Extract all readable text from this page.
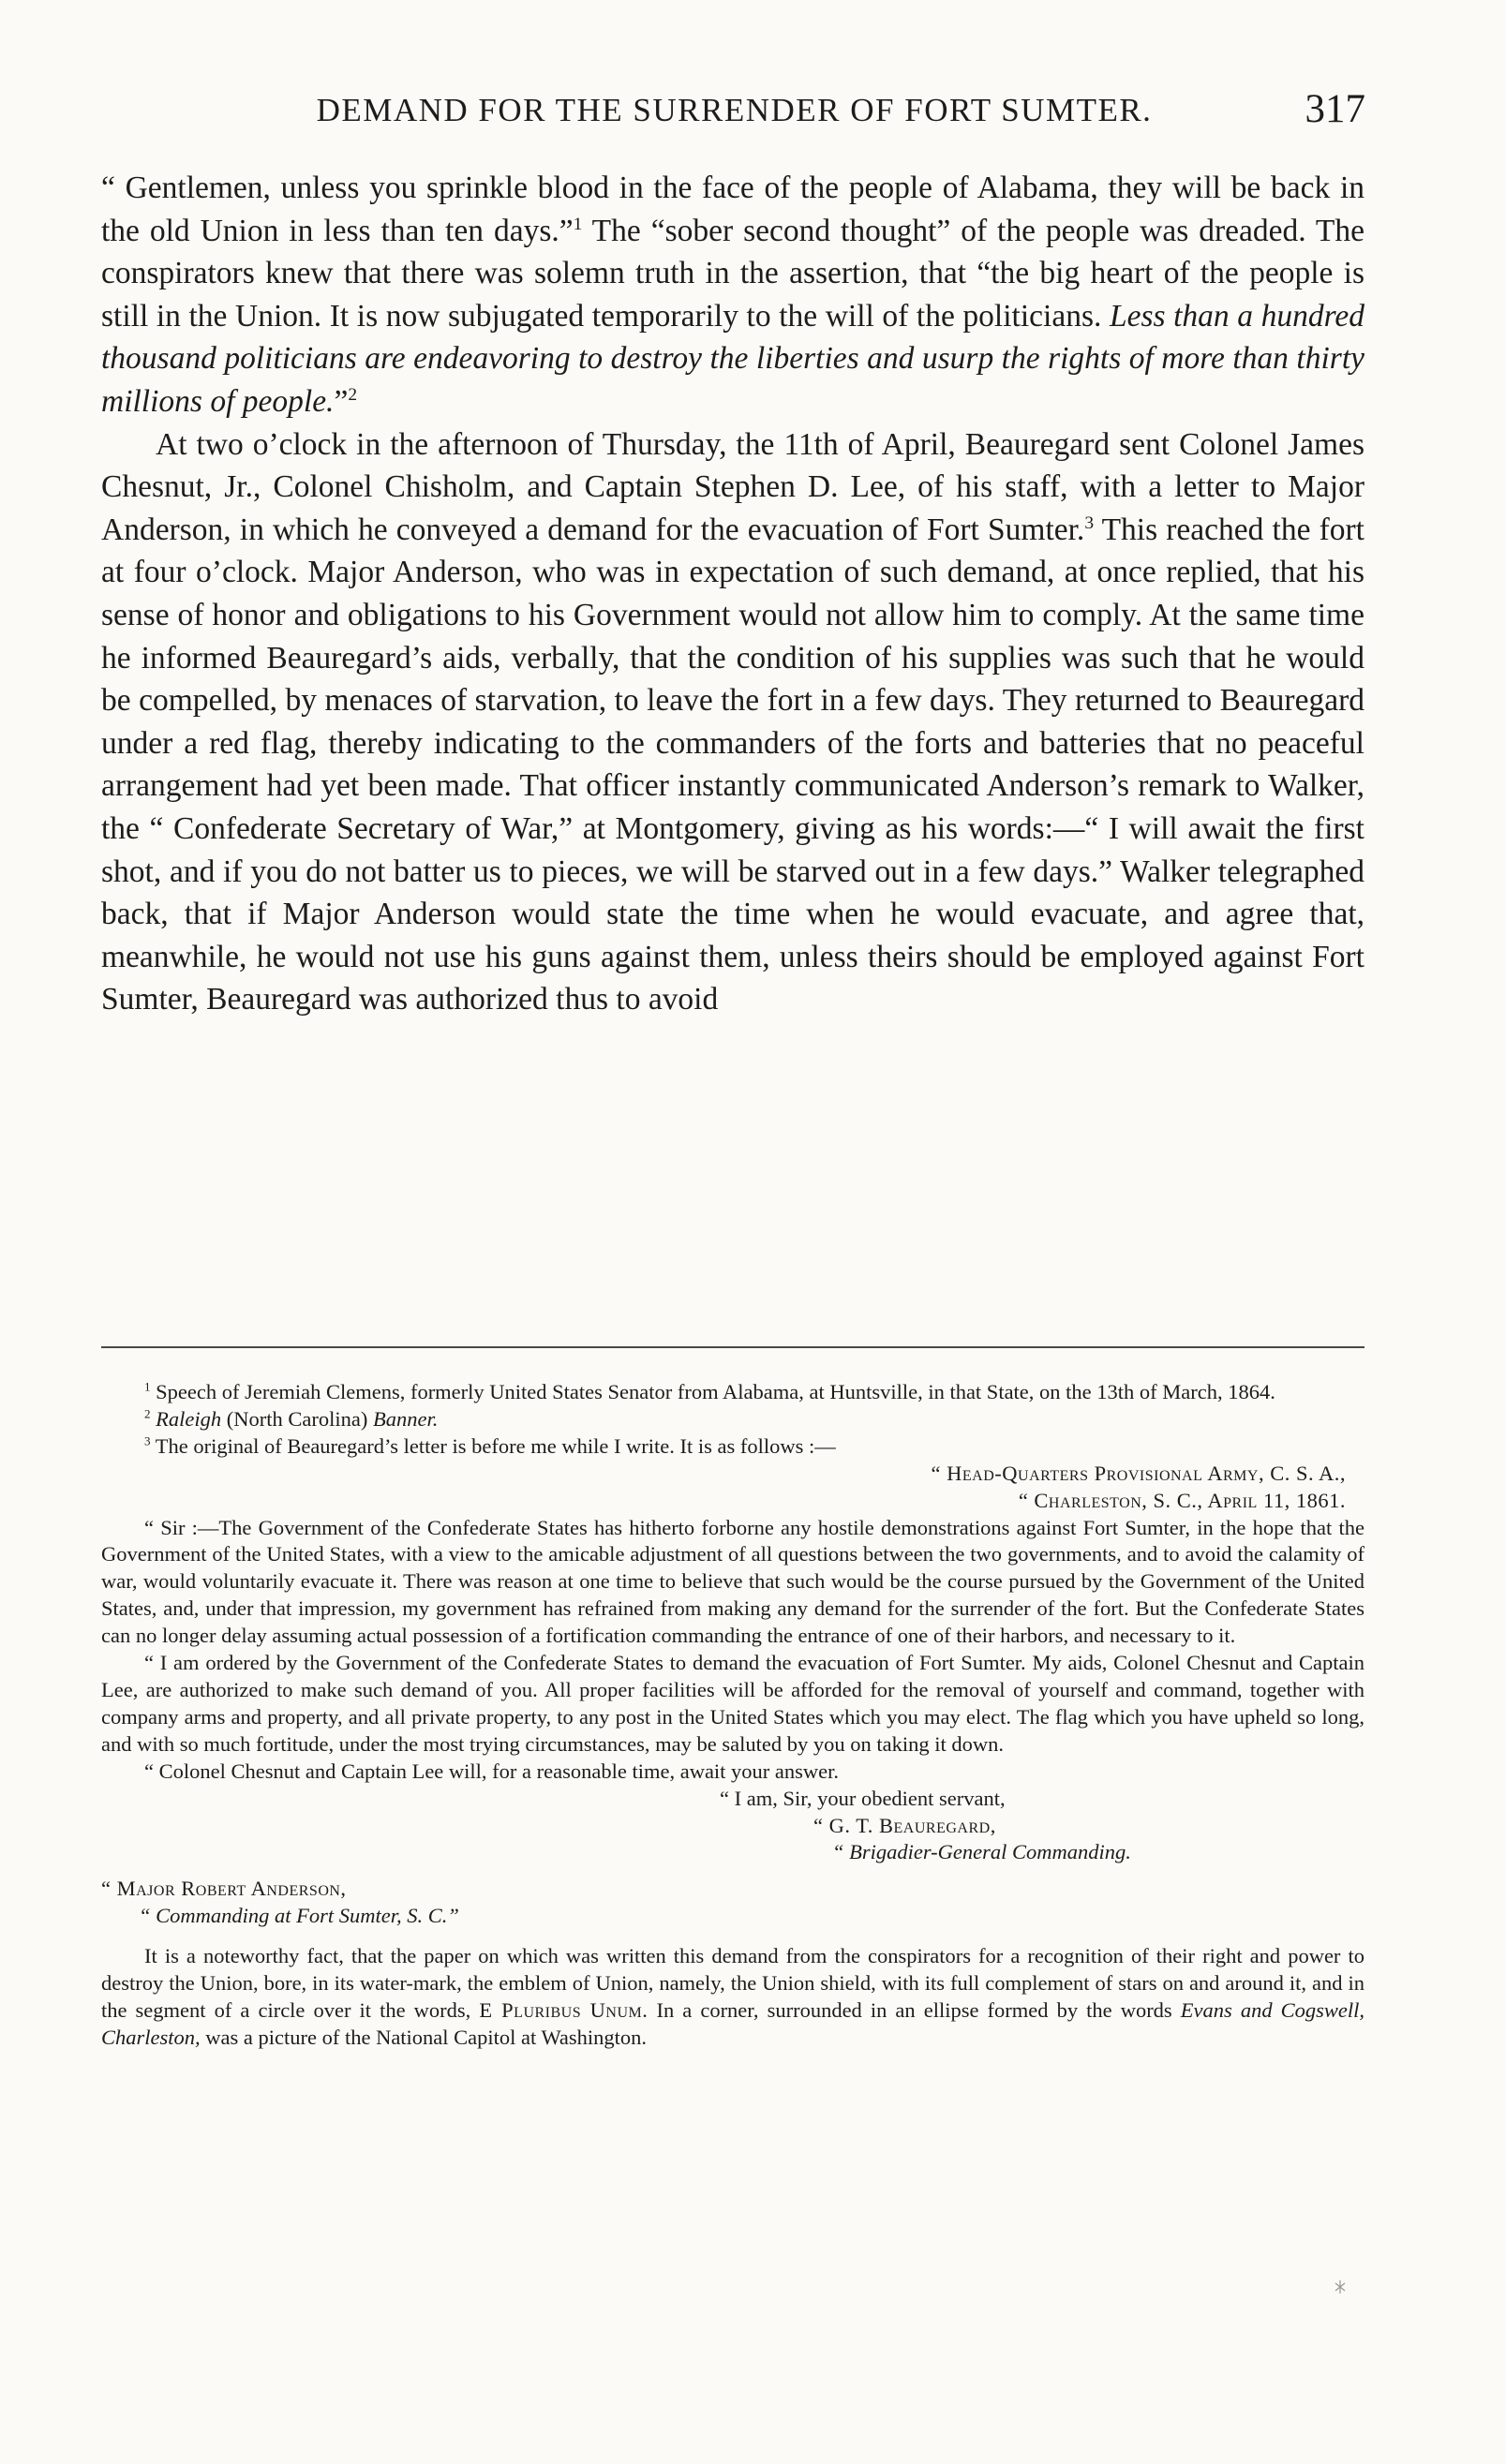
DEMAND FOR THE SURRENDER OF FORT SUMTER.	317

“ Gentlemen, unless you sprinkle blood in the face of the people of Alabama, they will be back in the old Union in less than ten days.”$^1$ The “sober second thought” of the people was dreaded. The conspirators knew that there was solemn truth in the assertion, that “the big heart of the people is still in the Union. It is now subjugated temporarily to the will of the politicians. Less than a hundred thousand politicians are endeavoring to destroy the liberties and usurp the rights of more than thirty millions of people.”$^2$

At two o’clock in the afternoon of Thursday, the 11th of April, Beauregard sent Colonel James Chesnut, Jr., Colonel Chisholm, and Captain Stephen D. Lee, of his staff, with a letter to Major Anderson, in which he conveyed a demand for the evacuation of Fort Sumter.$^3$ This reached the fort at four o’clock. Major Anderson, who was in expectation of such demand, at once replied, that his sense of honor and obligations to his Government would not allow him to comply. At the same time he informed Beauregard’s aids, verbally, that the condition of his supplies was such that he would be compelled, by menaces of starvation, to leave the fort in a few days. They returned to Beauregard under a red flag, thereby indicating to the commanders of the forts and batteries that no peaceful arrangement had yet been made. That officer instantly communicated Anderson’s remark to Walker, the “ Confederate Secretary of War,” at Montgomery, giving as his words:—“ I will await the first shot, and if you do not batter us to pieces, we will be starved out in a few days.” Walker telegraphed back, that if Major Anderson would state the time when he would evacuate, and agree that, meanwhile, he would not use his guns against them, unless theirs should be employed against Fort Sumter, Beauregard was authorized thus to avoid

$^1$ Speech of Jeremiah Clemens, formerly United States Senator from Alabama, at Huntsville, in that State, on the 13th of March, 1864.

$^2$ Raleigh (North Carolina) Banner.

$^3$ The original of Beauregard’s letter is before me while I write. It is as follows :—

“ Head-Quarters Provisional Army, C. S. A.,

“ Charleston, S. C., April 11, 1861.

“ Sir :—The Government of the Confederate States has hitherto forborne any hostile demonstrations against Fort Sumter, in the hope that the Government of the United States, with a view to the amicable adjustment of all questions between the two governments, and to avoid the calamity of war, would voluntarily evacuate it. There was reason at one time to believe that such would be the course pursued by the Government of the United States, and, under that impression, my government has refrained from making any demand for the surrender of the fort. But the Confederate States can no longer delay assuming actual possession of a fortification commanding the entrance of one of their harbors, and necessary to it.

“ I am ordered by the Government of the Confederate States to demand the evacuation of Fort Sumter. My aids, Colonel Chesnut and Captain Lee, are authorized to make such demand of you. All proper facilities will be afforded for the removal of yourself and command, together with company arms and property, and all private property, to any post in the United States which you may elect. The flag which you have upheld so long, and with so much fortitude, under the most trying circumstances, may be saluted by you on taking it down.

“ Colonel Chesnut and Captain Lee will, for a reasonable time, await your answer.

“ I am, Sir, your obedient servant,

“ G. T. Beauregard,

“ Brigadier-General Commanding.

“ Major Robert Anderson,

“ Commanding at Fort Sumter, S. C.”

It is a noteworthy fact, that the paper on which was written this demand from the conspirators for a recognition of their right and power to destroy the Union, bore, in its water-mark, the emblem of Union, namely, the Union shield, with its full complement of stars on and around it, and in the segment of a circle over it the words, E Pluribus Unum. In a corner, surrounded in an ellipse formed by the words Evans and Cogswell, Charleston, was a picture of the National Capitol at Washington.
